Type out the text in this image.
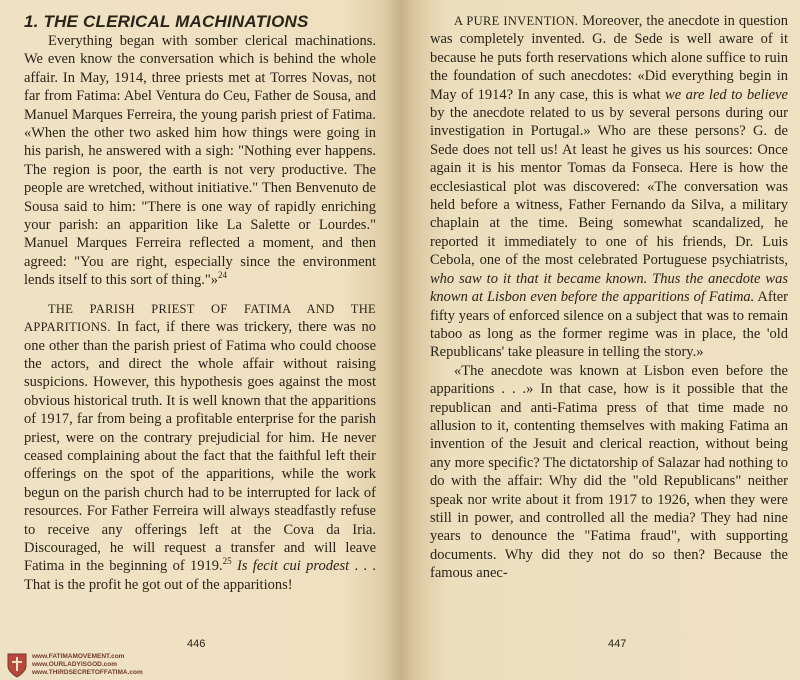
1. THE CLERICAL MACHINATIONS

Everything began with somber clerical machinations. We even know the conversation which is behind the whole affair. In May, 1914, three priests met at Torres Novas, not far from Fatima: Abel Ventura do Ceu, Father de Sousa, and Manuel Marques Ferreira, the young parish priest of Fatima. «When the other two asked him how things were going in his parish, he answered with a sigh: "Nothing ever happens. The region is poor, the earth is not very productive. The people are wretched, without initiative." Then Benvenuto de Sousa said to him: "There is one way of rapidly enriching your parish: an apparition like La Salette or Lourdes." Manuel Marques Ferreira reflected a moment, and then agreed: "You are right, especially since the environment lends itself to this sort of thing."»$^{24}$

THE PARISH PRIEST OF FATIMA AND THE APPARITIONS. In fact, if there was trickery, there was no one other than the parish priest of Fatima who could choose the actors, and direct the whole affair without raising suspicions. However, this hypothesis goes against the most obvious historical truth. It is well known that the apparitions of 1917, far from being a profitable enterprise for the parish priest, were on the contrary prejudicial for him. He never ceased complaining about the fact that the faithful left their offerings on the spot of the apparitions, while the work begun on the parish church had to be interrupted for lack of resources. For Father Ferreira will always steadfastly refuse to receive any offerings left at the Cova da Iria. Discouraged, he will request a transfer and will leave Fatima in the beginning of 1919.25 Is fecit cui prodest . . . That is the profit he got out of the apparitions!

446
www.FATIMAMOVEMENT.com
www.OURLADYISGOD.com
www.THIRDSECRETOFFATIMA.com

A PURE INVENTION. Moreover, the anecdote in question was completely invented. G. de Sede is well aware of it because he puts forth reservations which alone suffice to ruin the foundation of such anecdotes: «Did everything begin in May of 1914? In any case, this is what we are led to believe by the anecdote related to us by several persons during our investigation in Portugal.» Who are these persons? G. de Sede does not tell us! At least he gives us his sources: Once again it is his mentor Tomas da Fonseca. Here is how the ecclesiastical plot was discovered: «The conversation was held before a witness, Father Fernando da Silva, a military chaplain at the time. Being somewhat scandalized, he reported it immediately to one of his friends, Dr. Luis Cebola, one of the most celebrated Portuguese psychiatrists, who saw to it that it became known. Thus the anecdote was known at Lisbon even before the apparitions of Fatima. After fifty years of enforced silence on a subject that was to remain taboo as long as the former regime was in place, the 'old Republicans' take pleasure in telling the story.»

«The anecdote was known at Lisbon even before the apparitions . . .» In that case, how is it possible that the republican and anti-Fatima press of that time made no allusion to it, contenting themselves with making Fatima an invention of the Jesuit and clerical reaction, without being any more specific? The dictatorship of Salazar had nothing to do with the affair: Why did the "old Republicans" neither speak nor write about it from 1917 to 1926, when they were still in power, and controlled all the media? They had nine years to denounce the "Fatima fraud", with supporting documents. Why did they not do so then? Because the famous anec-

447
